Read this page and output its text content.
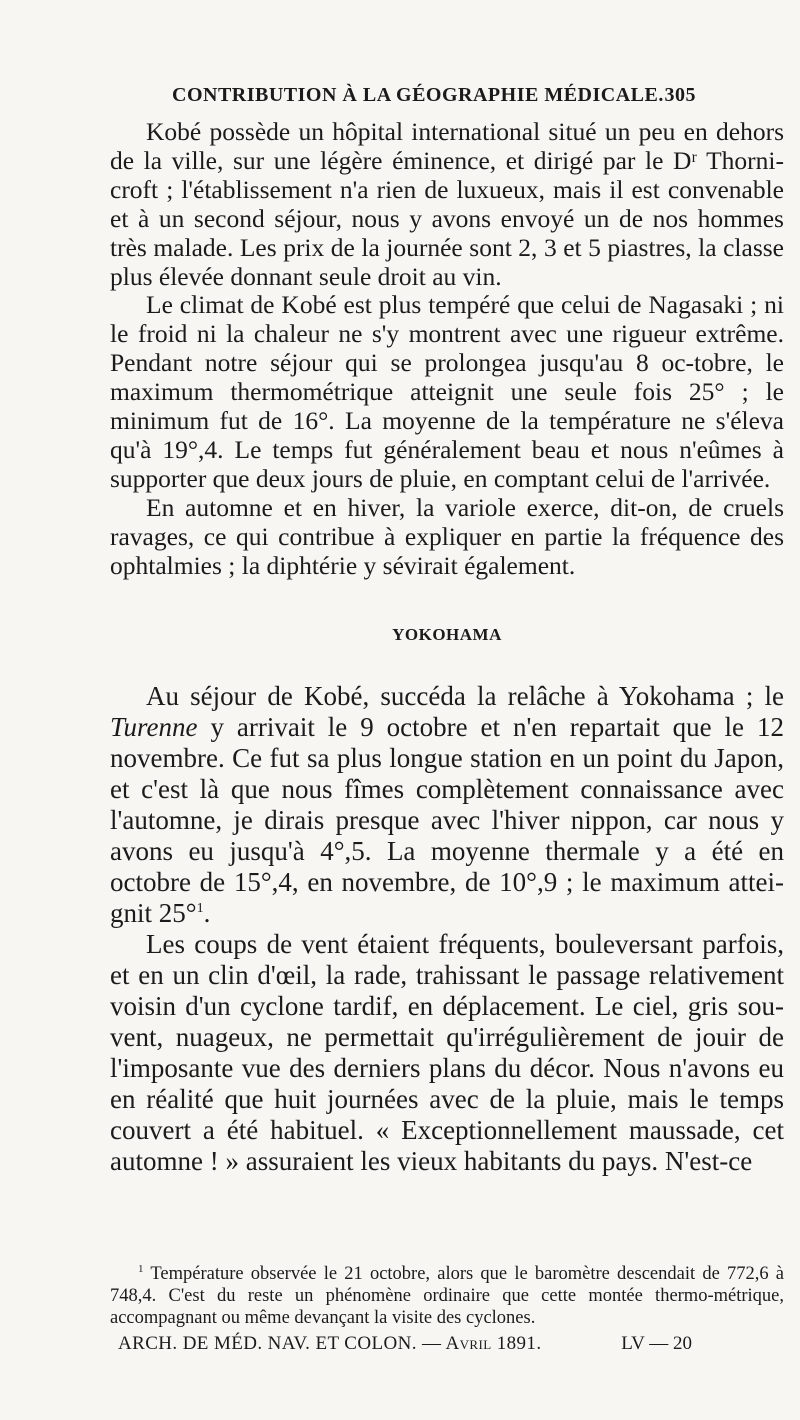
CONTRIBUTION À LA GÉOGRAPHIE MÉDICALE. 305

Kobé possède un hôpital international situé un peu en dehors de la ville, sur une légère éminence, et dirigé par le Dʳ Thorni-croft ; l'établissement n'a rien de luxueux, mais il est convenable et à un second séjour, nous y avons envoyé un de nos hommes très malade. Les prix de la journée sont 2, 3 et 5 piastres, la classe plus élevée donnant seule droit au vin.

Le climat de Kobé est plus tempéré que celui de Nagasaki ; ni le froid ni la chaleur ne s'y montrent avec une rigueur extrême. Pendant notre séjour qui se prolongea jusqu'au 8 oc-tobre, le maximum thermométrique atteignit une seule fois 25° ; le minimum fut de 16°. La moyenne de la température ne s'éleva qu'à 19°,4. Le temps fut généralement beau et nous n'eûmes à supporter que deux jours de pluie, en comptant celui de l'arrivée.

En automne et en hiver, la variole exerce, dit-on, de cruels ravages, ce qui contribue à expliquer en partie la fréquence des ophtalmies ; la diphtérie y sévirait également.

YOKOHAMA

Au séjour de Kobé, succéda la relâche à Yokohama ; le Turenne y arrivait le 9 octobre et n'en repartait que le 12 novembre. Ce fut sa plus longue station en un point du Japon, et c'est là que nous fîmes complètement connaissance avec l'automne, je dirais presque avec l'hiver nippon, car nous y avons eu jusqu'à 4°,5. La moyenne thermale y a été en octobre de 15°,4, en novembre, de 10°,9 ; le maximum attei-gnit 25°$^1$.

Les coups de vent étaient fréquents, bouleversant parfois, et en un clin d'œil, la rade, trahissant le passage relativement voisin d'un cyclone tardif, en déplacement. Le ciel, gris sou-vent, nuageux, ne permettait qu'irrégulièrement de jouir de l'imposante vue des derniers plans du décor. Nous n'avons eu en réalité que huit journées avec de la pluie, mais le temps couvert a été habituel. « Exceptionnellement maussade, cet automne ! » assuraient les vieux habitants du pays. N'est-ce

$^1$ Température observée le 21 octobre, alors que le baromètre descendait de 772,6 à 748,4. C'est du reste un phénomène ordinaire que cette montée thermo-métrique, accompagnant ou même devançant la visite des cyclones.

ARCH. DE MÉD. NAV. ET COLON. — Avril 1891.	LV — 20
